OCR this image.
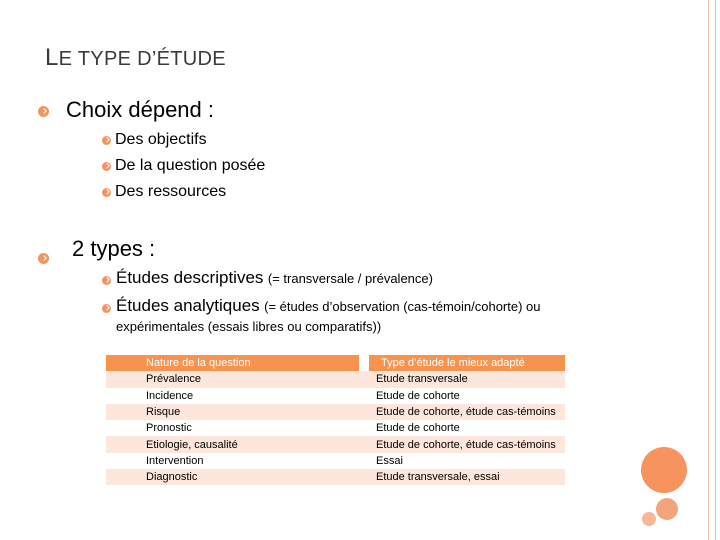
LE TYPE D’ÉTUDE
Choix dépend :
Des objectifs
De la question posée
Des ressources
2 types :
Études descriptives (= transversale / prévalence)
Études analytiques (= études d’observation (cas-témoin/cohorte) ou
expérimentales (essais libres ou comparatifs))
Nature de la question	Type d’étude le mieux adapté
Prévalence	Etude transversale
Incidence	Etude de cohorte
Risque	Etude de cohorte, étude cas-témoins
Pronostic	Etude de cohorte
Etiologie, causalité	Etude de cohorte, étude cas-témoins
Intervention	Essai
Diagnostic	Etude transversale, essai
